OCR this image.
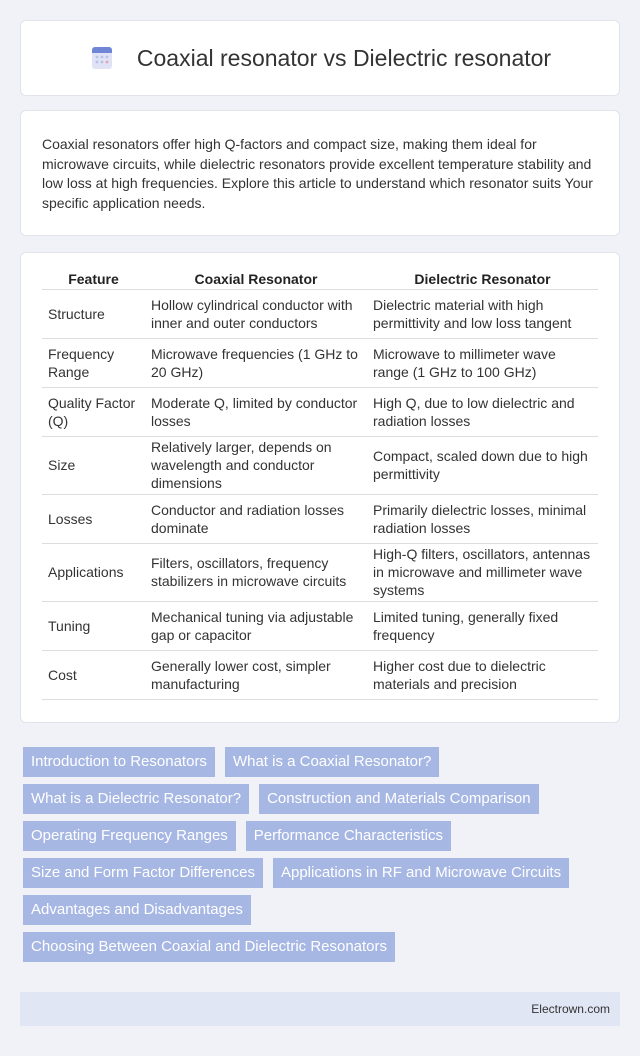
Coaxial resonator vs Dielectric resonator

Coaxial resonators offer high Q-factors and compact size, making them ideal for microwave circuits, while dielectric resonators provide excellent temperature stability and low loss at high frequencies. Explore this article to understand which resonator suits Your specific application needs.

Feature	Coaxial Resonator	Dielectric Resonator
Structure	Hollow cylindrical conductor with inner and outer conductors	Dielectric material with high permittivity and low loss tangent
Frequency Range	Microwave frequencies (1 GHz to 20 GHz)	Microwave to millimeter wave range (1 GHz to 100 GHz)
Quality Factor (Q)	Moderate Q, limited by conductor losses	High Q, due to low dielectric and radiation losses
Size	Relatively larger, depends on wavelength and conductor dimensions	Compact, scaled down due to high permittivity
Losses	Conductor and radiation losses dominate	Primarily dielectric losses, minimal radiation losses
Applications	Filters, oscillators, frequency stabilizers in microwave circuits	High-Q filters, oscillators, antennas in microwave and millimeter wave systems
Tuning	Mechanical tuning via adjustable gap or capacitor	Limited tuning, generally fixed frequency
Cost	Generally lower cost, simpler manufacturing	Higher cost due to dielectric materials and precision
Introduction to Resonators	What is a Coaxial Resonator?
What is a Dielectric Resonator?	Construction and Materials Comparison
Operating Frequency Ranges	Performance Characteristics
Size and Form Factor Differences	Applications in RF and Microwave Circuits
Advantages and Disadvantages
Choosing Between Coaxial and Dielectric Resonators
Electrown.com
